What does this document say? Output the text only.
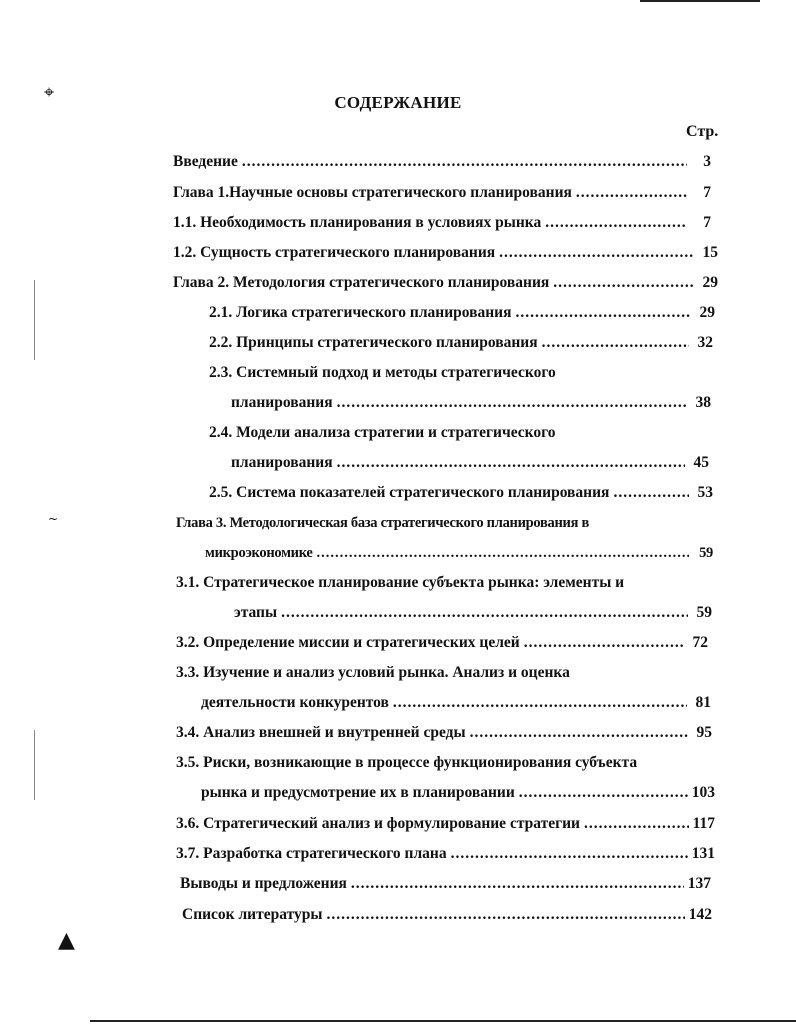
⌖
~
▲
СОДЕРЖАНИЕ
Стр.
Введение .....	3
Глава 1.Научные основы стратегического планирования .....	7
1.1. Необходимость планирования в условиях рынка .....	7
1.2. Сущность стратегического планирования .....	15
Глава 2. Методология стратегического планирования .....	29
2.1. Логика стратегического планирования .....	29
2.2. Принципы стратегического планирования .....	32
2.3. Системный подход и методы стратегического
планирования .....	38
2.4. Модели анализа стратегии и стратегического
планирования .....	45
2.5. Система показателей стратегического планирования .....	53
Глава 3. Методологическая база стратегического планирования в
микроэкономике .....	59
3.1. Стратегическое планирование субъекта рынка: элементы и
этапы .....	59
3.2. Определение миссии и стратегических целей .....	72
3.3. Изучение и анализ условий рынка. Анализ и оценка
деятельности конкурентов .....	81
3.4. Анализ внешней и внутренней среды .....	95
3.5. Риски, возникающие в процессе функционирования субъекта
рынка и предусмотрение их в планировании .....	103
3.6. Стратегический анализ и формулирование стратегии .....	117
3.7. Разработка стратегического плана .....	131
Выводы и предложения .....	137
Список литературы .....	142
